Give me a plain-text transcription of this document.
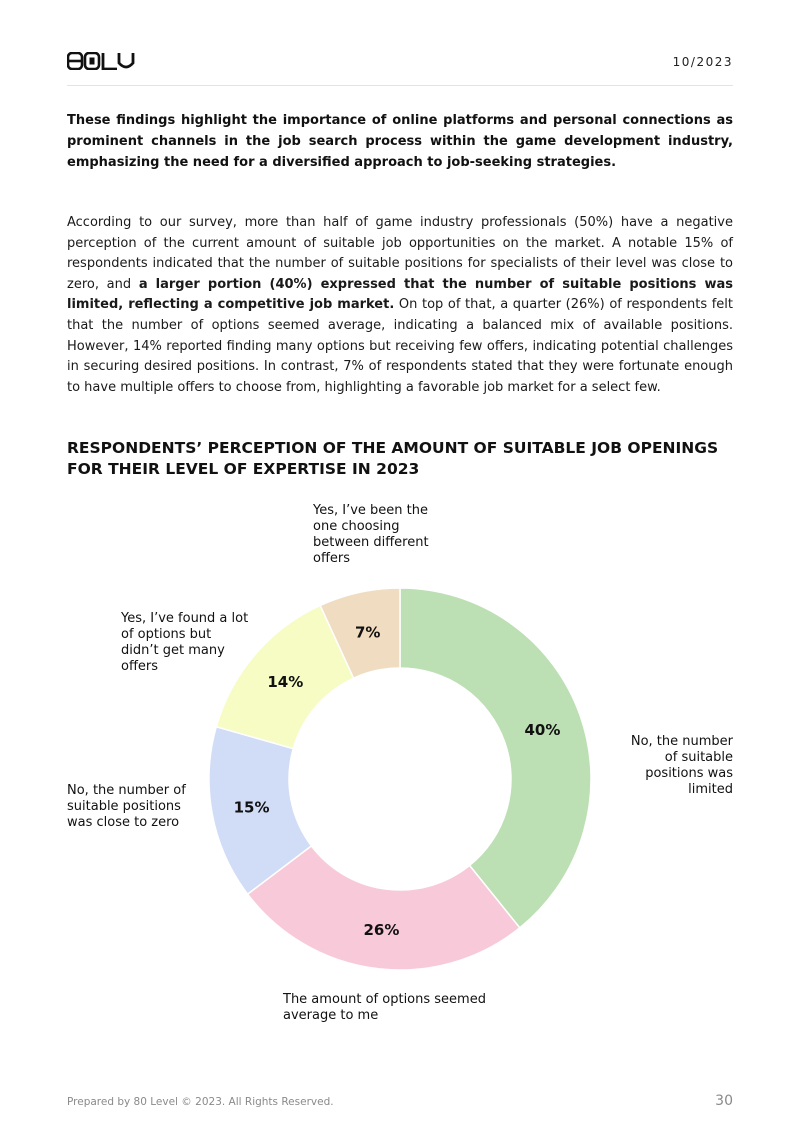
80LV
10/2023

These findings highlight the importance of online platforms and personal connections as prominent channels in the job search process within the game development industry, emphasizing the need for a diversified approach to job-seeking strategies.

According to our survey, more than half of game industry professionals (50%) have a negative perception of the current amount of suitable job opportunities on the market. A notable 15% of respondents indicated that the number of suitable positions for specialists of their level was close to zero, and a larger portion (40%) expressed that the number of suitable positions was limited, reflecting a competitive job market. On top of that, a quarter (26%) of respondents felt that the number of options seemed average, indicating a balanced mix of available positions. However, 14% reported finding many options but receiving few offers, indicating potential challenges in securing desired positions. In contrast, 7% of respondents stated that they were fortunate enough to have multiple offers to choose from, highlighting a favorable job market for a select few.

RESPONDENTS’ PERCEPTION OF THE AMOUNT OF SUITABLE JOB OPENINGS FOR THEIR LEVEL OF EXPERTISE IN 2023
40%
26%
15%
14%
7%
No, the number of suitable positions was limited
The amount of options seemed average to me
No, the number of suitable positions was close to zero
Yes, I’ve found a lot of options but didn’t get many offers
Yes, I’ve been the one choosing between different offers
Prepared by 80 Level © 2023. All Rights Reserved.	30
